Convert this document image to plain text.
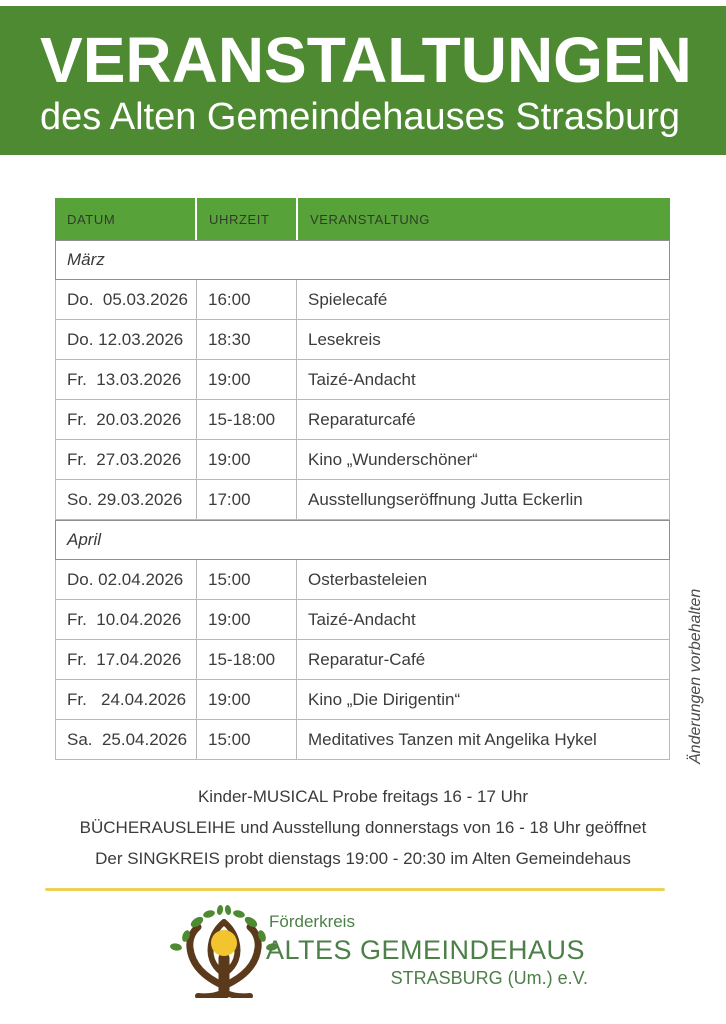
VERANSTALTUNGEN
des Alten Gemeindehauses Strasburg
DATUM	UHRZEIT	VERANSTALTUNG
März
Do.  05.03.2026	16:00	Spielecafé
Do. 12.03.2026	18:30	Lesekreis
Fr.  13.03.2026	19:00	Taizé-Andacht
Fr.  20.03.2026	15-18:00	Reparaturcafé
Fr.  27.03.2026	19:00	Kino „Wunderschöner“
So. 29.03.2026	17:00	Ausstellungseröffnung Jutta Eckerlin
April
Do. 02.04.2026	15:00	Osterbasteleien
Fr.  10.04.2026	19:00	Taizé-Andacht
Fr.  17.04.2026	15-18:00	Reparatur-Café
Fr.   24.04.2026	19:00	Kino „Die Dirigentin“
Sa.  25.04.2026	15:00	Meditatives Tanzen mit Angelika Hykel
Kinder-MUSICAL Probe freitags 16 - 17 Uhr
BÜCHERAUSLEIHE und Ausstellung donnerstags von 16 - 18 Uhr geöffnet
Der SINGKREIS probt dienstags 19:00 - 20:30 im Alten Gemeindehaus
Änderungen vorbehalten
Förderkreis
ALTES GEMEINDEHAUS
STRASBURG (Um.) e.V.
